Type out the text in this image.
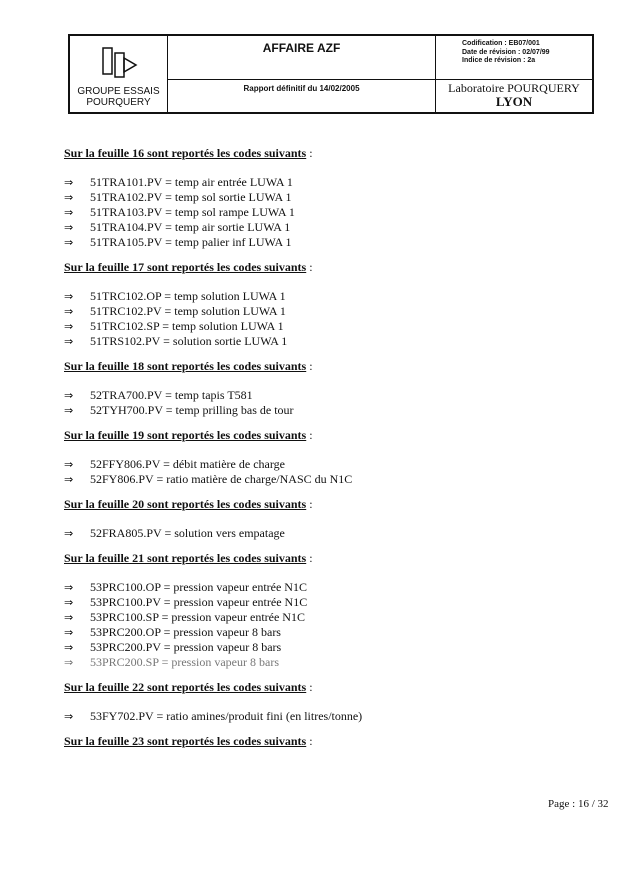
GROUPE ESSAIS
POURQUERY
AFFAIRE AZF	Codification : EB07/001
Date de révision : 02/07/99
Indice de révision : 2a
Rapport définitif du 14/02/2005	Laboratoire POURQUERY
LYON
Sur la feuille 16 sont reportés les codes suivants :
⇒	51TRA101.PV = temp air entrée LUWA 1
⇒	51TRA102.PV = temp sol sortie LUWA 1
⇒	51TRA103.PV = temp sol rampe LUWA 1
⇒	51TRA104.PV = temp air sortie LUWA 1
⇒	51TRA105.PV = temp palier inf LUWA 1
Sur la feuille 17 sont reportés les codes suivants :
⇒	51TRC102.OP = temp solution LUWA 1
⇒	51TRC102.PV = temp solution LUWA 1
⇒	51TRC102.SP = temp solution LUWA 1
⇒	51TRS102.PV = solution sortie LUWA 1
Sur la feuille 18 sont reportés les codes suivants :
⇒	52TRA700.PV = temp tapis T581
⇒	52TYH700.PV = temp prilling bas de tour
Sur la feuille 19 sont reportés les codes suivants :
⇒	52FFY806.PV = débit matière de charge
⇒	52FY806.PV = ratio matière de charge/NASC du N1C
Sur la feuille 20 sont reportés les codes suivants :
⇒	52FRA805.PV = solution vers empatage
Sur la feuille 21 sont reportés les codes suivants :
⇒	53PRC100.OP = pression vapeur entrée N1C
⇒	53PRC100.PV = pression vapeur entrée N1C
⇒	53PRC100.SP = pression vapeur entrée N1C
⇒	53PRC200.OP = pression vapeur 8 bars
⇒	53PRC200.PV = pression vapeur 8 bars
⇒	53PRC200.SP = pression vapeur 8 bars
Sur la feuille 22 sont reportés les codes suivants :
⇒	53FY702.PV = ratio amines/produit fini (en litres/tonne)
Sur la feuille 23 sont reportés les codes suivants :
Page : 16 / 32
